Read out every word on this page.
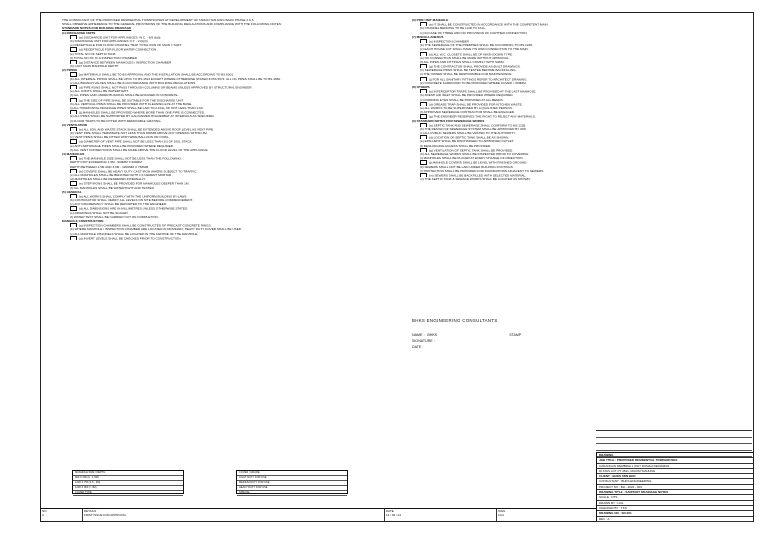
THE CONSULTANT OF THE PROPOSED RESIDENTIAL TOWNHOUSES AT DEVELOPMENT OF TAMAN TANJUNG BARU PHASE 4 & 5
SHALL OBSERVE ADHERENCE TO THE GENERAL PROVISIONS OF THE BUILDING REGULATIONS AND COMPLIANCE WITH THE FOLLOWING NOTES:
STANDARD NOTES FOR BUILDING DRAINAGE
(1) DISCHARGE UNITS
(a) DISCHARGE UNIT FOR APPLIANCES: W.C. - 6/9 (b)(i)
(b) DISCHARGE UNIT FOR APPLIANCES: F.T. - 2 (b)(ii)
(c) RECEPTACLE FOR FLOOR CHANNEL TRAP TOTAL RUN OF MAIN = SQFT
(d) RECEPTACLE FOR FLOOR WATER CONNECTION
(e) TOTAL NO OF SEPTIC TANK
(f) TOTAL NO OF IC & INSPECTION CHAMBER
(g) DISTANCE BETWEEN MANHOLES / INSPECTION CHAMBER
(h) LAST MAIN MANHOLE DEPTH
(2) PIPING
(a) MATERIALS SHALL BE TO BS APPROVAL AND THE INSTALLATION SHALL BE ACCORDING TO BS 8301.
(b) ALL INTERNAL PIPING SHALL BE UPVC TO BS 4514 EXCEPT WHERE OTHERWISE STATED IN BS 5572. ALL UG PIPES SHALL BE TO BS 4660.
(c) ALL BRANCH VALVES SHALL BE IN ACCORDANCE WITH BUILDING REGULATIONS.
(d) PIPE RUNS SHALL NOT PASS THROUGH COLUMNS OR BEAMS UNLESS APPROVED BY STRUCTURAL ENGINEER.
(e) ALL JOINTS SHALL BE WATERTIGHT.
(f) ALL PIPES LAID UNDER BUILDING SHALL BE ENCASED IN CONCRETE.
(g) THE SIZE OF PIPE SHALL BE SUITABLE FOR THE DISCHARGE UNIT.
(h) ALL VERTICAL PIPES SHALL BE PROVIDED WITH CLEANING EYE AT THE BASE.
(i) ALL HORIZONTAL DRAINAGE PIPES SHALL BE LAID TO A FALL OF NOT LESS THAN 1:60.
(j) MANHOLES SHALL BE PROVIDED WHERE MORE THAN ONE PIPE IS CONNECTED.
(k) ALL PIPES SHALL BE SUPPORTED BY GALVANIZED HOLDERBAT AT INTERVALS AS SPECIFIED.
(l) FLOOR TRAPS TO BE FITTED WITH REMOVABLE GRATING.
(3) VENTILATION
(a) ALL SOIL AND WASTE STACK SHALL BE EXTENDED ABOVE ROOF LEVEL AS VENT PIPE.
(b) VENT PIPE SHALL TERMINATE NOT LESS THAN 900MM ABOVE ANY OPENING WITHIN 3M.
(c) VENT PIPES SHALL BE FITTED WITH WIRE BALLOON OR COWL.
(d) DIAMETER OF VENT PIPE SHALL NOT BE LESS THAN 2/3 OF SOIL STACK.
(e) ANTI-SIPHONAGE PIPES SHALL BE PROVIDED WHERE REQUIRED.
(f) ALL VENT CONNECTIONS SHALL BE MADE ABOVE THE FLOOD LEVEL OF THE APPLIANCE.
(4) MANHOLES
(a) THE MANHOLE SIZE SHALL NOT BE LESS THAN THE FOLLOWING:
DEPTH NOT EXCEEDING 1.5M - 900MM X 600MM
DEPTH BETWEEN 1.5M AND 3.0M - 1200MM X 750MM
(b) COVERS SHALL BE HEAVY DUTY CAST IRON WHERE SUBJECT TO TRAFFIC.
(c) ALL MANHOLES SHALL BE BENCHED WITH 1:3 CEMENT MORTAR.
(d) MANHOLES SHALL BE RENDERED INTERNALLY.
(e) STEP IRONS SHALL BE PROVIDED FOR MANHOLES DEEPER THAN 1M.
(f) ALL MANHOLES SHALL BE WATERTIGHT AND TESTED.
(5) GENERAL
(a) ALL WORKS SHALL COMPLY WITH THE UNIFORM BUILDING BY-LAWS.
(b) CONTRACTOR SHALL VERIFY ALL LEVELS ON SITE BEFORE COMMENCEMENT.
(c) ANY DISCREPANCY SHALL BE REPORTED TO THE ENGINEER.
(d) ALL DIMENSIONS ARE IN MILLIMETRES UNLESS OTHERWISE STATED.
(e) DRAWINGS SHALL NOT BE SCALED.
(f) WATER TEST SHALL BE CARRIED OUT ON COMPLETION.
MANHOLE CONSTRUCTION
(a) INSPECTION CHAMBERS SHALL BE CONSTRUCTED OF PRECAST CONCRETE RINGS.
(b) WHERE MANHOLE / INSPECTION CHAMBER ARE LOCATED IN DRIVEWAY, HEAVY DUTY COVER SHALL BE USED.
(c) ALL MANHOLE CHANNELS SHALL BE LOCATED IN THE CENTRE OF THE MANHOLE.
(d) INVERT LEVELS SHALL BE CHECKED PRIOR TO CONSTRUCTION.
MANHOLE SIZE / DEPTH
900 X 600 (0 - 1.5M)
1200 X 750 (1.5 - 3M)
1200 X 900 (> 3M)
COVER TYPE
COVER / GRADE
LIGHT DUTY FOR USE
MEDIUM DUTY FOR USE
HEAVY DUTY FOR USE
SPECIAL
(6) PIPE UNIT MANHOLE
(a) IT SHALL BE CONSTRUCTED IN ACCORDANCE WITH THE COMPETENT MAIN.
(b) CHANNEL BEDDING TO BE LAID TO FALL.
(c) IN CASE OF THREE AND NO PROVISION OF FURTHER CONNECTION.
(7) MISCELLANEOUS
(a) INSPECTION CHAMBER
(b) THE SEWERAGE OF THE PREMISES SHALL BE ACCORDING TO MS 1228.
(c) EACH HOUSE LOT SHALL HAVE ITS OWN CONNECTION TO THE MAIN.
(d) ALL W.C. CLOSETS SHALL BE OF WASH DOWN TYPE.
(e) NO CONNECTION SHALL BE MADE WITHOUT APPROVAL.
(f) ALL PIPES AND FITTINGS SHALL COMPLY WITH SIRIM.
(g) THE CONTRACTOR SHALL PROVIDE AS-BUILT DRAWINGS.
(h) SEWERAGE PIPES SHALL BE TESTED BEFORE BACKFILLING.
(i) THE OWNER SHALL BE RESPONSIBLE FOR MAINTENANCE.
(j) FOR ALL SANITARY FITTINGS REFER TO ARCHITECT DRAWING.
(k) CONCRETE SURROUND TO BE PROVIDED WHERE COVER < 600MM.
(8) OTHERS
(a) INTERCEPTOR TRAPS SHALL BE PROVIDED AT THE LAST MANHOLE.
(b) FRESH AIR INLET SHALL BE PROVIDED WHERE REQUIRED.
(c) RODDING EYES SHALL BE PROVIDED AT ALL BENDS.
(d) GREASE TRAP SHALL BE PROVIDED FOR KITCHEN WASTE.
(e) ALL WORKS TO BE SUPERVISED BY A QUALIFIED PERSON.
(f) APPROVED SEWERAGE CONTRACTOR SHALL BE ENGAGED.
(g) THE ENGINEER RESERVES THE RIGHT TO REJECT ANY MATERIALS.
(9) STANDARD NOTES FOR SEWERAGE WORKS
(a) SEPTIC TANK AND SEWERAGE SHALL CONFORM TO MS 1228.
(b) THE DESIGN OF SEWERAGE SYSTEM SHALL BE APPROVED BY IWK.
(c) ALL PUBLIC SEWERS SHALL BE VESTED TO THE AUTHORITY.
(d) LOCATION OF SEPTIC TANK SHALL BE AS SHOWN.
(e) EFFLUENT SHALL BE DISCHARGED TO APPROVED OUTLET.
(f) DESLUDGING ACCESS SHALL BE PROVIDED.
(g) VENTILATION OF SEPTIC TANK SHALL BE PROVIDED.
(h) ALL SEWERAGE WORKS SHALL BE INSPECTED PRIOR TO COVERING.
(i) MANHOLES SHALL BE PLACED AT EVERY CHANGE OF DIRECTION.
(j) MANHOLE COVERS SHALL BE LEVEL WITH FINISHED GROUND.
(k) SEWERS SHALL NOT BE LAID UNDER BUILDING FOOTINGS.
(l) PROTECTION SHALL BE PROVIDED FOR FOUNDATIONS ADJACENT TO SEWERS.
(m) SEWERS SHALL BE BACKFILLED WITH SELECTED MATERIAL.
(n) THE SEPTIC TANK & SEWAGE WORKS SHALL BE LOCATED AS SHOWN.
BHKS ENGINEERING CONSULTANTS
NAME  :  BHKS	STAMP
SIGNATURE :
DATE :
DRAWING
JOB TITLE : PROPOSED RESIDENTIAL TOWNHOUSES
CADANGAN MEMBINA 1 UNIT RUMAH KEDIAMAN
DI ATAS LOT PT 4521, MUKIM TANJUNG
CLIENT : BHKS SDN BHD
CONSULTANT : BHKS ENGINEERING
PROJECT NO : BH - 2024 - 003
DRAWING TITLE : SANITARY DRAINAGE NOTES
SCALE : NTS
DRAWN BY : LKH
CHECKED BY : TKS
DRAWING NO : SD-001
REV : A
NO
A
DETAILS
FIRST ISSUE FOR APPROVAL
DATE
12 / 03 / 24
SIGN
LKH
